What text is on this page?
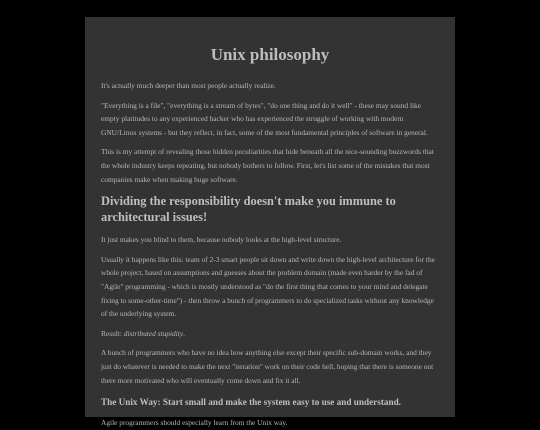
Unix philosophy

It's actually much deeper than most people actually realize.

"Everything is a file", "everything is a stream of bytes", "do one thing and do it well" - these may sound like empty platitudes to any experienced hacker who has experienced the struggle of working with modern GNU/Linux systems - but they reflect, in fact, some of the most fundamental principles of software in general.

This is my attempt of revealing those hidden peculiarities that hide beneath all the nice-sounding buzzwords that the whole industry keeps repeating, but nobody bothers to follow. First, let's list some of the mistakes that most companies make when making huge software.

Dividing the responsibility doesn't make you immune to architectural issues!

It just makes you blind to them, because nobody looks at the high-level structure.

Usually it happens like this: team of 2-3 smart people sit down and write down the high-level architecture for the whole project, based on assumptions and guesses about the problem domain (made even harder by the fad of "Agile" programming - which is mostly understood as "do the first thing that comes to your mind and delegate fixing to some-other-time") - then throw a bunch of programmers to do specialized tasks without any knowledge of the underlying system.

Result: distributed stupidity.

A bunch of programmers who have no idea how anything else except their specific sub-domain works, and they just do whatever is needed to make the next "iteration" work on their code hell, hoping that there is someone out there more motivated who will eventually come down and fix it all.

The Unix Way: Start small and make the system easy to use and understand.

Agile programmers should especially learn from the Unix way.
